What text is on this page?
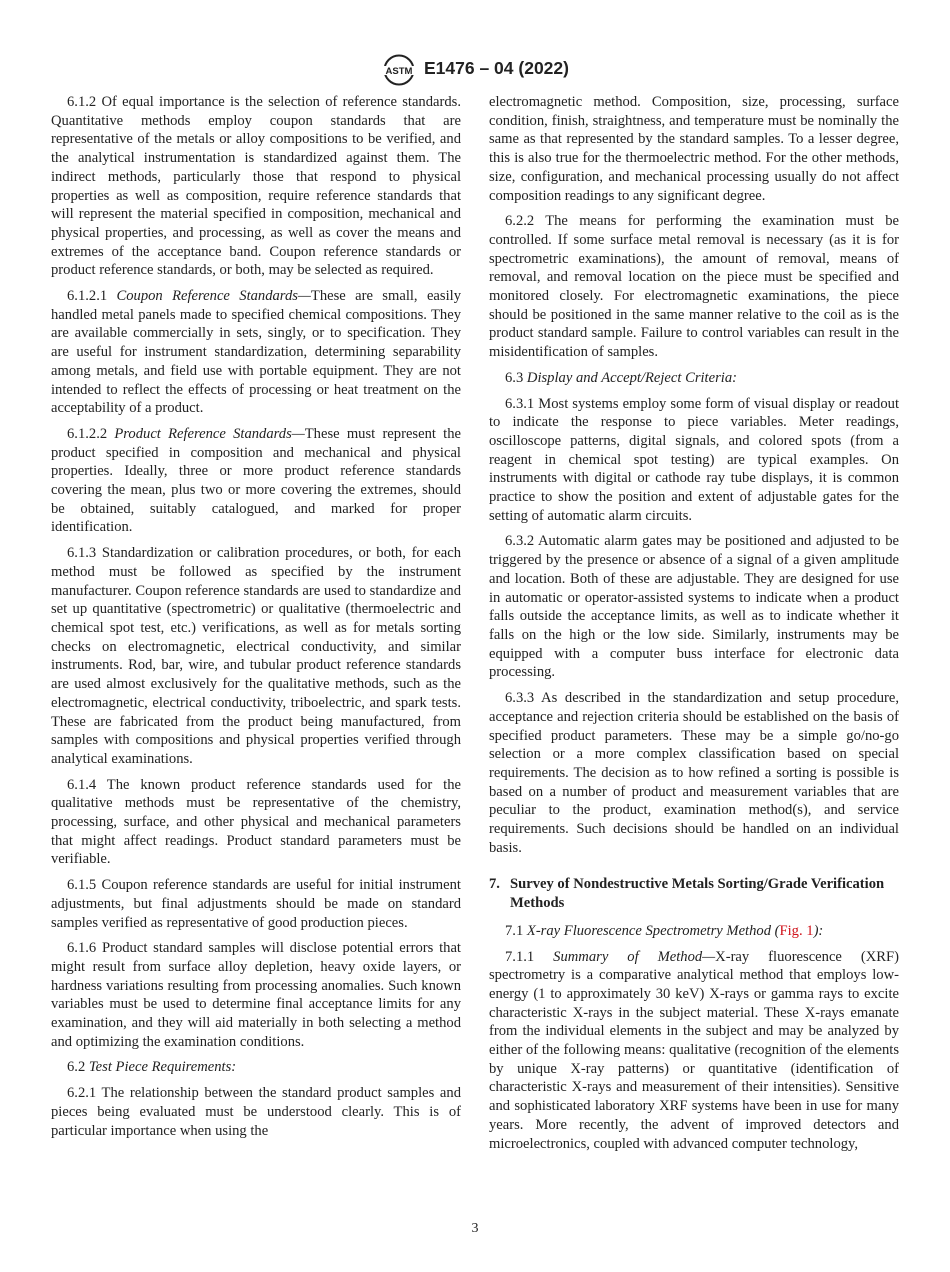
ASTM E1476 – 04 (2022)

6.1.2 Of equal importance is the selection of reference standards. Quantitative methods employ coupon standards that are representative of the metals or alloy compositions to be verified, and the analytical instrumentation is standardized against them. The indirect methods, particularly those that respond to physical properties as well as composition, require reference standards that will represent the material specified in composition, mechanical and physical properties, and processing, as well as cover the means and extremes of the acceptance band. Coupon reference standards or product reference standards, or both, may be selected as required.

6.1.2.1 Coupon Reference Standards—These are small, easily handled metal panels made to specified chemical compositions. They are available commercially in sets, singly, or to specification. They are useful for instrument standardization, determining separability among metals, and field use with portable equipment. They are not intended to reflect the effects of processing or heat treatment on the acceptability of a product.

6.1.2.2 Product Reference Standards—These must represent the product specified in composition and mechanical and physical properties. Ideally, three or more product reference standards covering the mean, plus two or more covering the extremes, should be obtained, suitably catalogued, and marked for proper identification.

6.1.3 Standardization or calibration procedures, or both, for each method must be followed as specified by the instrument manufacturer. Coupon reference standards are used to standardize and set up quantitative (spectrometric) or qualitative (thermoelectric and chemical spot test, etc.) verifications, as well as for metals sorting checks on electromagnetic, electrical conductivity, and similar instruments. Rod, bar, wire, and tubular product reference standards are used almost exclusively for the qualitative methods, such as the electromagnetic, electrical conductivity, triboelectric, and spark tests. These are fabricated from the product being manufactured, from samples with compositions and physical properties verified through analytical examinations.

6.1.4 The known product reference standards used for the qualitative methods must be representative of the chemistry, processing, surface, and other physical and mechanical parameters that might affect readings. Product standard parameters must be verifiable.

6.1.5 Coupon reference standards are useful for initial instrument adjustments, but final adjustments should be made on standard samples verified as representative of good production pieces.

6.1.6 Product standard samples will disclose potential errors that might result from surface alloy depletion, heavy oxide layers, or hardness variations resulting from processing anomalies. Such known variables must be used to determine final acceptance limits for any examination, and they will aid materially in both selecting a method and optimizing the examination conditions.

6.2 Test Piece Requirements:

6.2.1 The relationship between the standard product samples and pieces being evaluated must be understood clearly. This is of particular importance when using the

electromagnetic method. Composition, size, processing, surface condition, finish, straightness, and temperature must be nominally the same as that represented by the standard samples. To a lesser degree, this is also true for the thermoelectric method. For the other methods, size, configuration, and mechanical processing usually do not affect composition readings to any significant degree.

6.2.2 The means for performing the examination must be controlled. If some surface metal removal is necessary (as it is for spectrometric examinations), the amount of removal, means of removal, and removal location on the piece must be specified and monitored closely. For electromagnetic examinations, the piece should be positioned in the same manner relative to the coil as is the product standard sample. Failure to control variables can result in the misidentification of samples.

6.3 Display and Accept/Reject Criteria:

6.3.1 Most systems employ some form of visual display or readout to indicate the response to piece variables. Meter readings, oscilloscope patterns, digital signals, and colored spots (from a reagent in chemical spot testing) are typical examples. On instruments with digital or cathode ray tube displays, it is common practice to show the position and extent of adjustable gates for the setting of automatic alarm circuits.

6.3.2 Automatic alarm gates may be positioned and adjusted to be triggered by the presence or absence of a signal of a given amplitude and location. Both of these are adjustable. They are designed for use in automatic or operator-assisted systems to indicate when a product falls outside the acceptance limits, as well as to indicate whether it falls on the high or the low side. Similarly, instruments may be equipped with a computer buss interface for electronic data processing.

6.3.3 As described in the standardization and setup procedure, acceptance and rejection criteria should be established on the basis of specified product parameters. These may be a simple go/no-go selection or a more complex classification based on special requirements. The decision as to how refined a sorting is possible is based on a number of product and measurement variables that are peculiar to the product, examination method(s), and service requirements. Such decisions should be handled on an individual basis.

7. Survey of Nondestructive Metals Sorting/Grade Verification Methods

7.1 X-ray Fluorescence Spectrometry Method (Fig. 1):

7.1.1 Summary of Method—X-ray fluorescence (XRF) spectrometry is a comparative analytical method that employs low-energy (1 to approximately 30 keV) X-rays or gamma rays to excite characteristic X-rays in the subject material. These X-rays emanate from the individual elements in the subject and may be analyzed by either of the following means: qualitative (recognition of the elements by unique X-ray patterns) or quantitative (identification of characteristic X-rays and measurement of their intensities). Sensitive and sophisticated laboratory XRF systems have been in use for many years. More recently, the advent of improved detectors and microelectronics, coupled with advanced computer technology,

3
